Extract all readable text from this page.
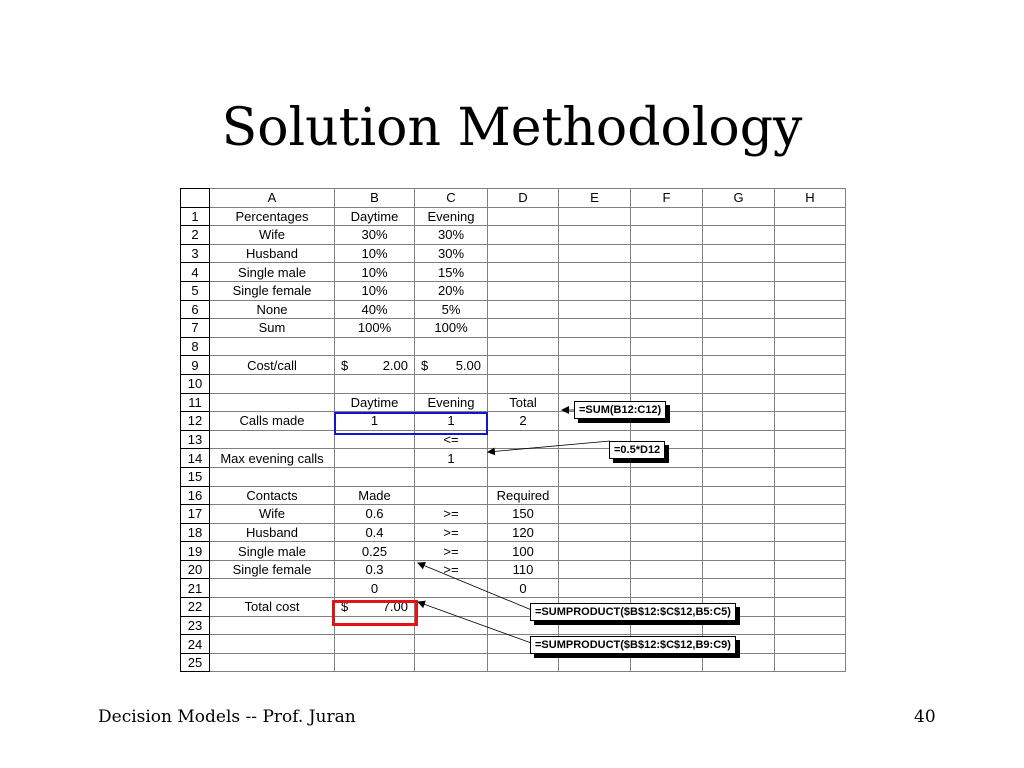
Solution Methodology
	A	B	C	D	E	F	G	H
1	Percentages	Daytime	Evening					
2	Wife	30%	30%					
3	Husband	10%	30%					
4	Single male	10%	15%					
5	Single female	10%	20%					
6	None	40%	5%					
7	Sum	100%	100%					
8								
9	Cost/call	$ 2.00	$ 5.00					

10								
11		Daytime	Evening	Total				
12	Calls made	1	1	2				
13			<=					
14	Max evening calls		1					
15								
16	Contacts	Made		Required				
17	Wife	0.6	>=	150				
18	Husband	0.4	>=	120				
19	Single male	0.25	>=	100				
20	Single female	0.3	>=	110				
21		0		0				
22	Total cost	$ 7.00						

23								
24								
25								
=SUM(B12:C12)
=0.5*D12
=SUMPRODUCT($B$12:$C$12,B5:C5)
=SUMPRODUCT($B$12:$C$12,B9:C9)
Decision Models -- Prof. Juran	40
